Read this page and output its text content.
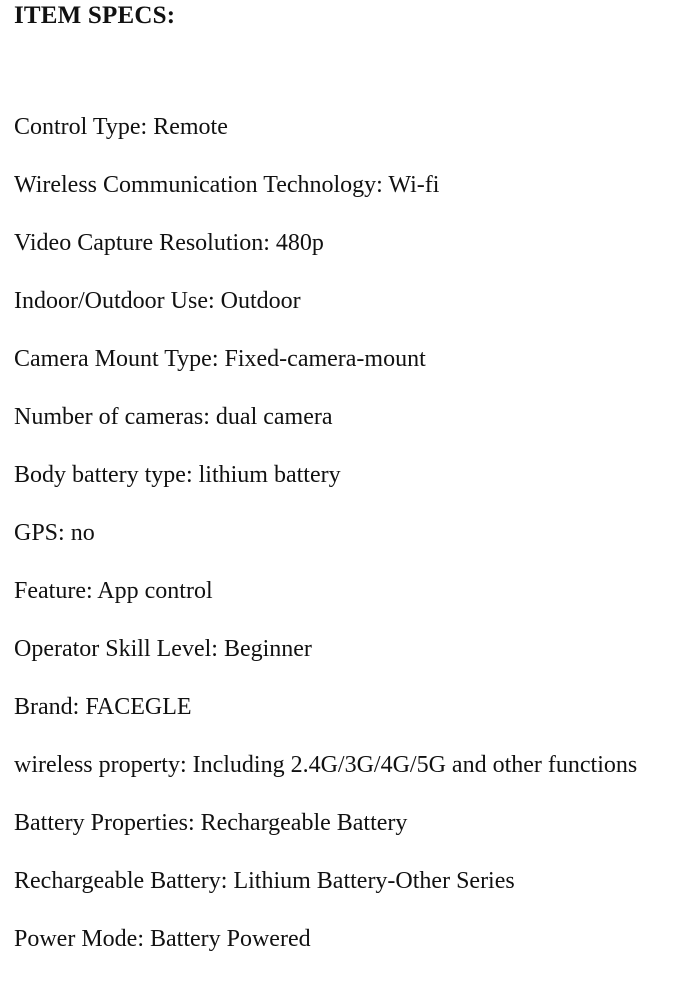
ITEM SPECS:
Control Type: Remote
Wireless Communication Technology: Wi-fi
Video Capture Resolution: 480p
Indoor/Outdoor Use: Outdoor
Camera Mount Type: Fixed-camera-mount
Number of cameras: dual camera
Body battery type: lithium battery
GPS: no
Feature: App control
Operator Skill Level: Beginner
Brand: FACEGLE
wireless property: Including 2.4G/3G/4G/5G and other functions
Battery Properties: Rechargeable Battery
Rechargeable Battery: Lithium Battery-Other Series
Power Mode: Battery Powered
